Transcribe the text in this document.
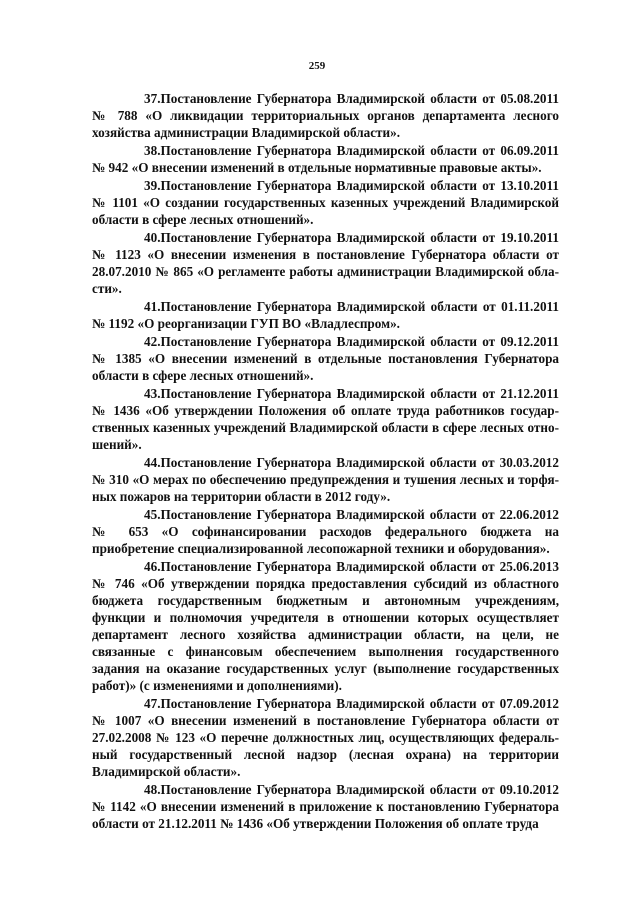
259

37.Постановление Губернатора Владимирской области от 05.08.2011 № 788 «О ликвидации территориальных органов департамента лесного хозяйства администрации Владимирской области».

38.Постановление Губернатора Владимирской области от 06.09.2011 № 942 «О внесении изменений в отдельные нормативные правовые акты».

39.Постановление Губернатора Владимирской области от 13.10.2011 № 1101 «О создании государственных казенных учреждений Владимирской области в сфере лесных отношений».

40.Постановление Губернатора Владимирской области от 19.10.2011 № 1123 «О внесении изменения в постановление Губернатора области от 28.07.2010 № 865 «О регламенте работы администрации Владимирской области».

41.Постановление Губернатора Владимирской области от 01.11.2011 № 1192 «О реорганизации ГУП ВО «Владлеспром».

42.Постановление Губернатора Владимирской области от 09.12.2011 № 1385 «О внесении изменений в отдельные постановления Губернатора области в сфере лесных отношений».

43.Постановление Губернатора Владимирской области от 21.12.2011 № 1436 «Об утверждении Положения об оплате труда работников государственных казенных учреждений Владимирской области в сфере лесных отношений».

44.Постановление Губернатора Владимирской области от 30.03.2012 № 310 «О мерах по обеспечению предупреждения и тушения лесных и торфяных пожаров на территории области в 2012 году».

45.Постановление Губернатора Владимирской области от 22.06.2012 № 653 «О софинансировании расходов федерального бюджета на приобретение специализированной лесопожарной техники и оборудования».

46.Постановление Губернатора Владимирской области от 25.06.2013 № 746 «Об утверждении порядка предоставления субсидий из областного бюджета государственным бюджетным и автономным учреждениям, функции и полномочия учредителя в отношении которых осуществляет департамент лесного хозяйства администрации области, на цели, не связанные с финансовым обеспечением выполнения государственного задания на оказание государственных услуг (выполнение государственных работ)» (с изменениями и дополнениями).

47.Постановление Губернатора Владимирской области от 07.09.2012 № 1007 «О внесении изменений в постановление Губернатора области от 27.02.2008 № 123 «О перечне должностных лиц, осуществляющих федеральный государственный лесной надзор (лесная охрана) на территории Владимирской области».

48.Постановление Губернатора Владимирской области от 09.10.2012 № 1142 «О внесении изменений в приложение к постановлению Губернатора области от 21.12.2011 № 1436 «Об утверждении Положения об оплате труда
